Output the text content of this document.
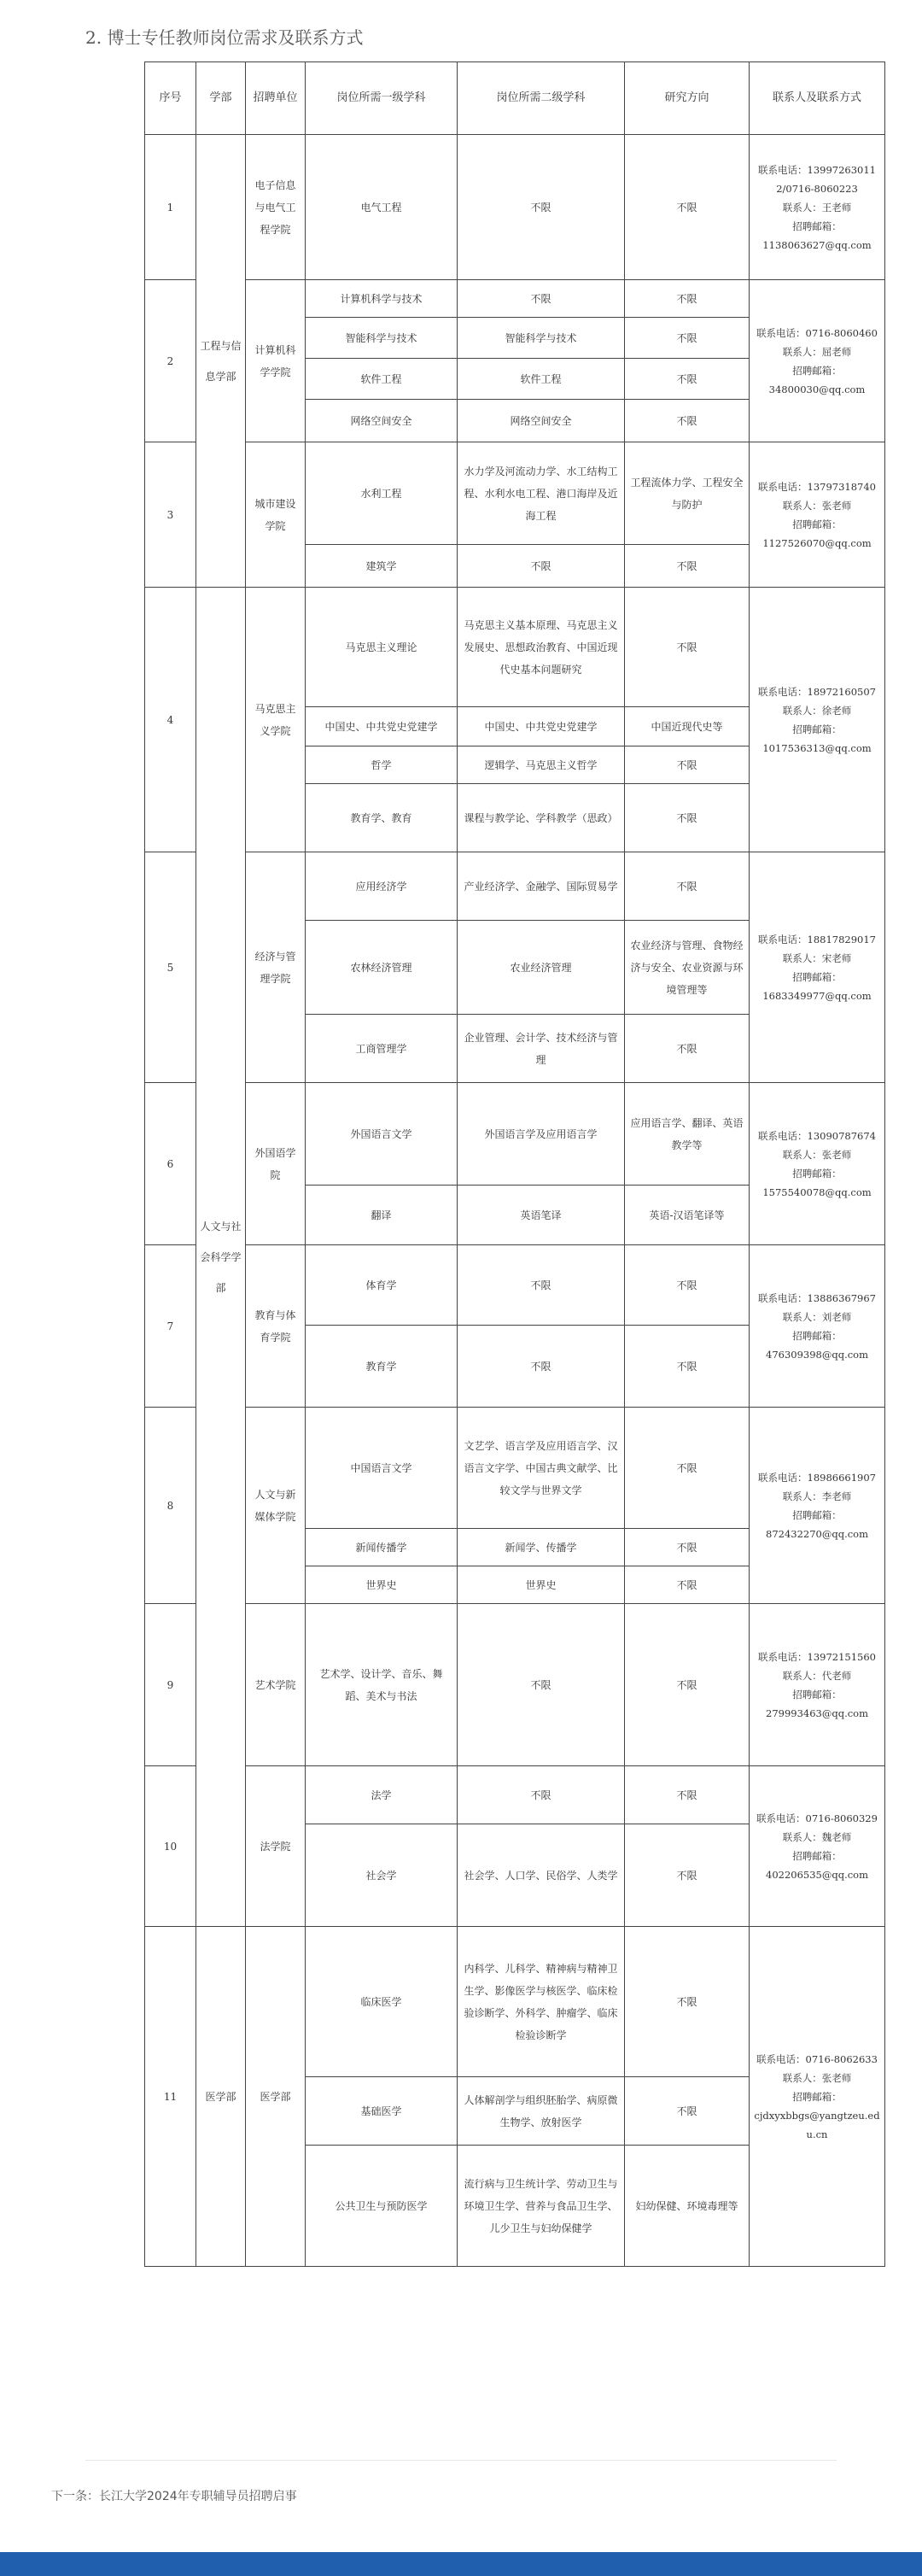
2. 博士专任教师岗位需求及联系方式
序号	学部	招聘单位	岗位所需一级学科	岗位所需二级学科	研究方向	联系人及联系方式
1	工程与信息学部	电子信息与电气工程学院	电气工程	不限	不限	联系电话：13997263011 2/0716-8060223
联系人：王老师
招聘邮箱：
1138063627@qq.com

2		计算机科学学院	计算机科学与技术	不限	不限	联系电话：0716-8060460
联系人：屈老师
招聘邮箱：
34800030@qq.com

			智能科学与技术	智能科学与技术	不限	
			软件工程	软件工程	不限	
			网络空间安全	网络空间安全	不限	
3		城市建设学院	水利工程	水力学及河流动力学、水工结构工程、水利水电工程、港口海岸及近海工程	工程流体力学、工程安全与防护	联系电话：13797318740
联系人：张老师
招聘邮箱：
1127526070@qq.com

			建筑学	不限	不限	
4	人文与社会科学学部	马克思主义学院	马克思主义理论	马克思主义基本原理、马克思主义发展史、思想政治教育、中国近现代史基本问题研究	不限	联系电话：18972160507
联系人：徐老师
招聘邮箱：
1017536313@qq.com

			中国史、中共党史党建学	中国史、中共党史党建学	中国近现代史等	
			哲学	逻辑学、马克思主义哲学	不限	
			教育学、教育	课程与教学论、学科教学（思政）	不限	
5		经济与管理学院	应用经济学	产业经济学、金融学、国际贸易学	不限	联系电话：18817829017
联系人：宋老师
招聘邮箱：
1683349977@qq.com

			农林经济管理	农业经济管理	农业经济与管理、食物经济与安全、农业资源与环境管理等	
			工商管理学	企业管理、会计学、技术经济与管理	不限	
6		外国语学院	外国语言文学	外国语言学及应用语言学	应用语言学、翻译、英语教学等	联系电话：13090787674
联系人：张老师
招聘邮箱：
1575540078@qq.com

			翻译	英语笔译	英语-汉语笔译等	
7		教育与体育学院	体育学	不限	不限	联系电话：13886367967
联系人：刘老师
招聘邮箱：
476309398@qq.com

			教育学	不限	不限	
8		人文与新媒体学院	中国语言文学	文艺学、语言学及应用语言学、汉语言文字学、中国古典文献学、比较文学与世界文学	不限	联系电话：18986661907
联系人：李老师
招聘邮箱：
872432270@qq.com

			新闻传播学	新闻学、传播学	不限	
			世界史	世界史	不限	
9		艺术学院	艺术学、设计学、音乐、舞蹈、美术与书法	不限	不限	联系电话：13972151560
联系人：代老师
招聘邮箱：
279993463@qq.com

10		法学院	法学	不限	不限	联系电话：0716-8060329
联系人：魏老师
招聘邮箱：
402206535@qq.com

			社会学	社会学、人口学、民俗学、人类学	不限	
11	医学部	医学部	临床医学	内科学、儿科学、精神病与精神卫生学、影像医学与核医学、临床检验诊断学、外科学、肿瘤学、临床检验诊断学	不限	联系电话：0716-8062633
联系人：张老师
招聘邮箱：
cjdxyxbbgs@yangtzeu.edu.cn

			基础医学	人体解剖学与组织胚胎学、病原微生物学、放射医学	不限	
			公共卫生与预防医学	流行病与卫生统计学、劳动卫生与环境卫生学、营养与食品卫生学、儿少卫生与妇幼保健学	妇幼保健、环境毒理等	
下一条：长江大学2024年专职辅导员招聘启事
